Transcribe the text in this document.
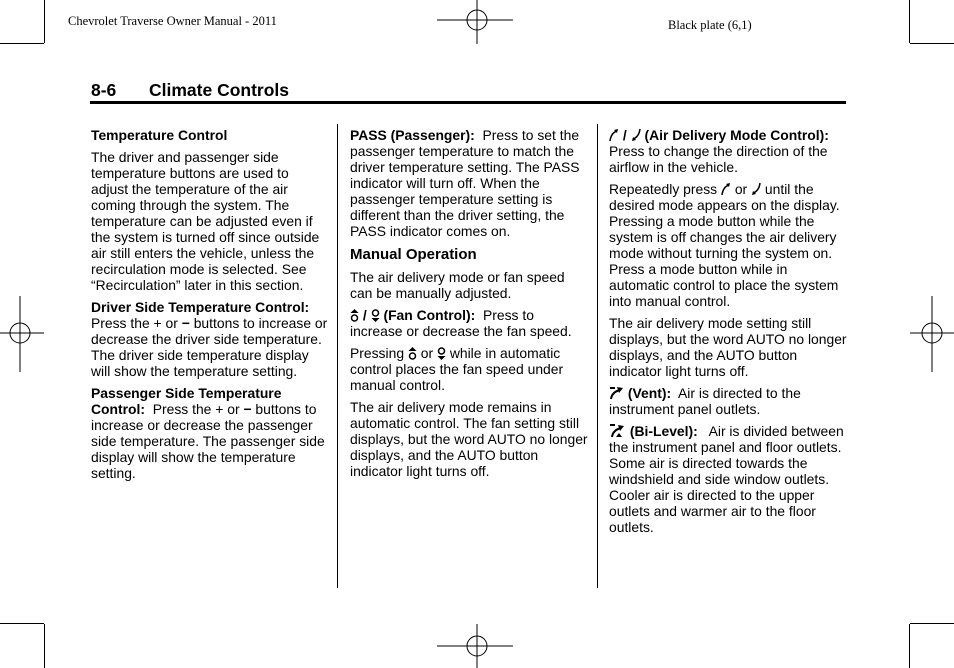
Chevrolet Traverse Owner Manual - 2011	Black plate (6,1)
8-6 Climate Controls

Temperature Control

The driver and passenger side temperature buttons are used to adjust the temperature of the air coming through the system. The temperature can be adjusted even if the system is turned off since outside air still enters the vehicle, unless the recirculation mode is selected. See “Recirculation” later in this section.

Driver Side Temperature Control:  Press the + or − buttons to increase or decrease the driver side temperature. The driver side temperature display will show the temperature setting.

Passenger Side Temperature Control: Press the + or − buttons to increase or decrease the passenger side temperature. The passenger side display will show the temperature setting.

PASS (Passenger): Press to set the passenger temperature to match the driver temperature setting. The PASS indicator will turn off. When the passenger temperature setting is different than the driver setting, the PASS indicator comes on.

Manual Operation

The air delivery mode or fan speed can be manually adjusted.

/  (Fan Control): Press to increase or decrease the fan speed.

Pressing  or  while in automatic control places the fan speed under manual control.

The air delivery mode remains in automatic control. The fan setting still displays, but the word AUTO no longer displays, and the AUTO button indicator light turns off.

/  (Air Delivery Mode Control):  Press to change the direction of the airflow in the vehicle.

Repeatedly press  or  until the desired mode appears on the display. Pressing a mode button while the system is off changes the air delivery mode without turning the system on. Press a mode button while in automatic control to place the system into manual control.

The air delivery mode setting still displays, but the word AUTO no longer displays, and the AUTO button indicator light turns off.

(Vent): Air is directed to the instrument panel outlets.

(Bi-Level): Air is divided between the instrument panel and floor outlets. Some air is directed towards the windshield and side window outlets. Cooler air is directed to the upper outlets and warmer air to the floor outlets.
